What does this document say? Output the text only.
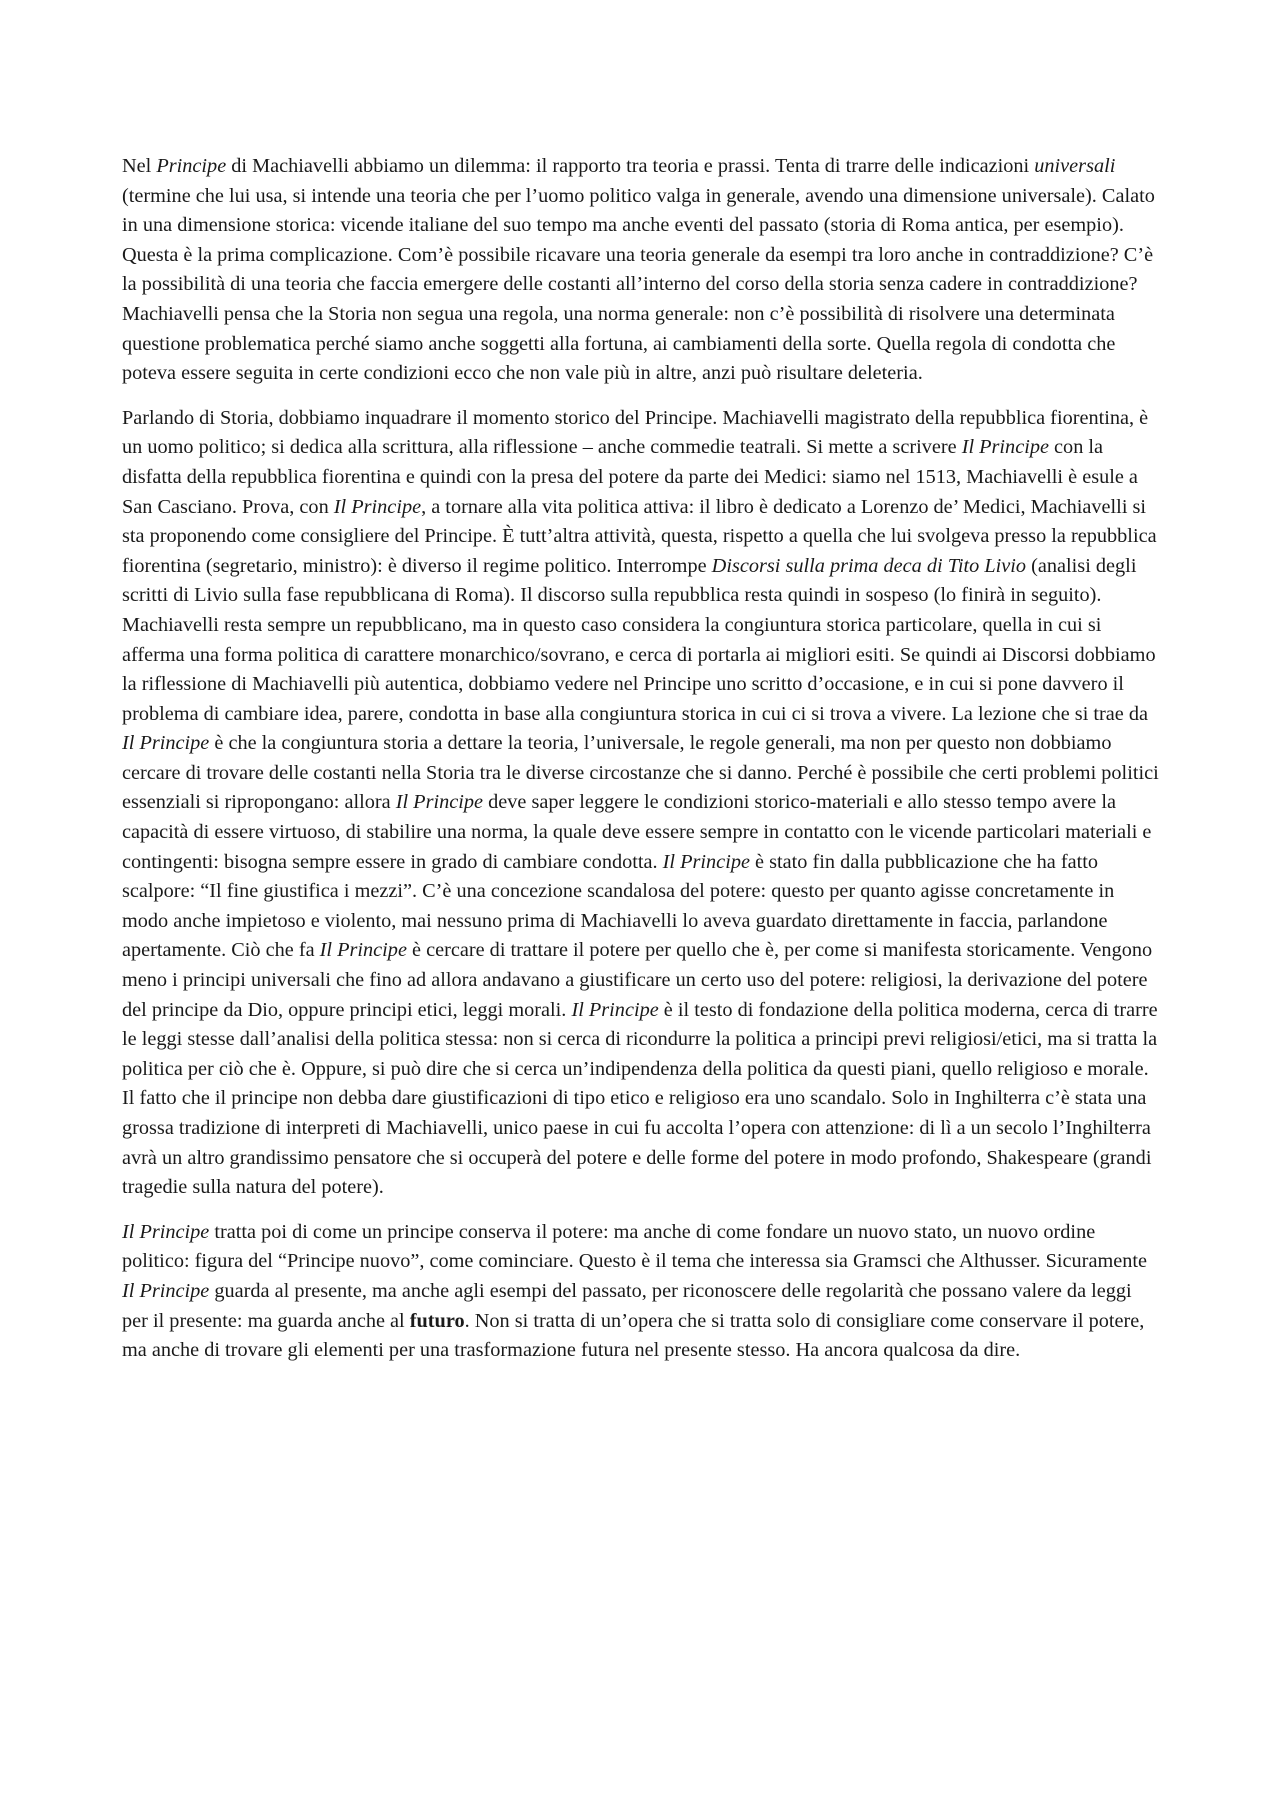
Nel Principe di Machiavelli abbiamo un dilemma: il rapporto tra teoria e prassi. Tenta di trarre delle indicazioni universali (termine che lui usa, si intende una teoria che per l’uomo politico valga in generale, avendo una dimensione universale). Calato in una dimensione storica: vicende italiane del suo tempo ma anche eventi del passato (storia di Roma antica, per esempio). Questa è la prima complicazione. Com’è possibile ricavare una teoria generale da esempi tra loro anche in contraddizione? C’è la possibilità di una teoria che faccia emergere delle costanti all’interno del corso della storia senza cadere in contraddizione? Machiavelli pensa che la Storia non segua una regola, una norma generale: non c’è possibilità di risolvere una determinata questione problematica perché siamo anche soggetti alla fortuna, ai cambiamenti della sorte. Quella regola di condotta che poteva essere seguita in certe condizioni ecco che non vale più in altre, anzi può risultare deleteria.

Parlando di Storia, dobbiamo inquadrare il momento storico del Principe. Machiavelli magistrato della repubblica fiorentina, è un uomo politico; si dedica alla scrittura, alla riflessione – anche commedie teatrali. Si mette a scrivere Il Principe con la disfatta della repubblica fiorentina e quindi con la presa del potere da parte dei Medici: siamo nel 1513, Machiavelli è esule a San Casciano. Prova, con Il Principe, a tornare alla vita politica attiva: il libro è dedicato a Lorenzo de’ Medici, Machiavelli si sta proponendo come consigliere del Principe. È tutt’altra attività, questa, rispetto a quella che lui svolgeva presso la repubblica fiorentina (segretario, ministro): è diverso il regime politico. Interrompe Discorsi sulla prima deca di Tito Livio (analisi degli scritti di Livio sulla fase repubblicana di Roma). Il discorso sulla repubblica resta quindi in sospeso (lo finirà in seguito). Machiavelli resta sempre un repubblicano, ma in questo caso considera la congiuntura storica particolare, quella in cui si afferma una forma politica di carattere monarchico/sovrano, e cerca di portarla ai migliori esiti. Se quindi ai Discorsi dobbiamo la riflessione di Machiavelli più autentica, dobbiamo vedere nel Principe uno scritto d’occasione, e in cui si pone davvero il problema di cambiare idea, parere, condotta in base alla congiuntura storica in cui ci si trova a vivere. La lezione che si trae da Il Principe è che la congiuntura storia a dettare la teoria, l’universale, le regole generali, ma non per questo non dobbiamo cercare di trovare delle costanti nella Storia tra le diverse circostanze che si danno. Perché è possibile che certi problemi politici essenziali si ripropongano: allora Il Principe deve saper leggere le condizioni storico-materiali e allo stesso tempo avere la capacità di essere virtuoso, di stabilire una norma, la quale deve essere sempre in contatto con le vicende particolari materiali e contingenti: bisogna sempre essere in grado di cambiare condotta. Il Principe è stato fin dalla pubblicazione che ha fatto scalpore: “Il fine giustifica i mezzi”. C’è una concezione scandalosa del potere: questo per quanto agisse concretamente in modo anche impietoso e violento, mai nessuno prima di Machiavelli lo aveva guardato direttamente in faccia, parlandone apertamente. Ciò che fa Il Principe è cercare di trattare il potere per quello che è, per come si manifesta storicamente. Vengono meno i principi universali che fino ad allora andavano a giustificare un certo uso del potere: religiosi, la derivazione del potere del principe da Dio, oppure principi etici, leggi morali. Il Principe è il testo di fondazione della politica moderna, cerca di trarre le leggi stesse dall’analisi della politica stessa: non si cerca di ricondurre la politica a principi previ religiosi/etici, ma si tratta la politica per ciò che è. Oppure, si può dire che si cerca un’indipendenza della politica da questi piani, quello religioso e morale. Il fatto che il principe non debba dare giustificazioni di tipo etico e religioso era uno scandalo. Solo in Inghilterra c’è stata una grossa tradizione di interpreti di Machiavelli, unico paese in cui fu accolta l’opera con attenzione: di lì a un secolo l’Inghilterra avrà un altro grandissimo pensatore che si occuperà del potere e delle forme del potere in modo profondo, Shakespeare (grandi tragedie sulla natura del potere).

Il Principe tratta poi di come un principe conserva il potere: ma anche di come fondare un nuovo stato, un nuovo ordine politico: figura del “Principe nuovo”, come cominciare. Questo è il tema che interessa sia Gramsci che Althusser. Sicuramente Il Principe guarda al presente, ma anche agli esempi del passato, per riconoscere delle regolarità che possano valere da leggi per il presente: ma guarda anche al futuro. Non si tratta di un’opera che si tratta solo di consigliare come conservare il potere, ma anche di trovare gli elementi per una trasformazione futura nel presente stesso. Ha ancora qualcosa da dire.
